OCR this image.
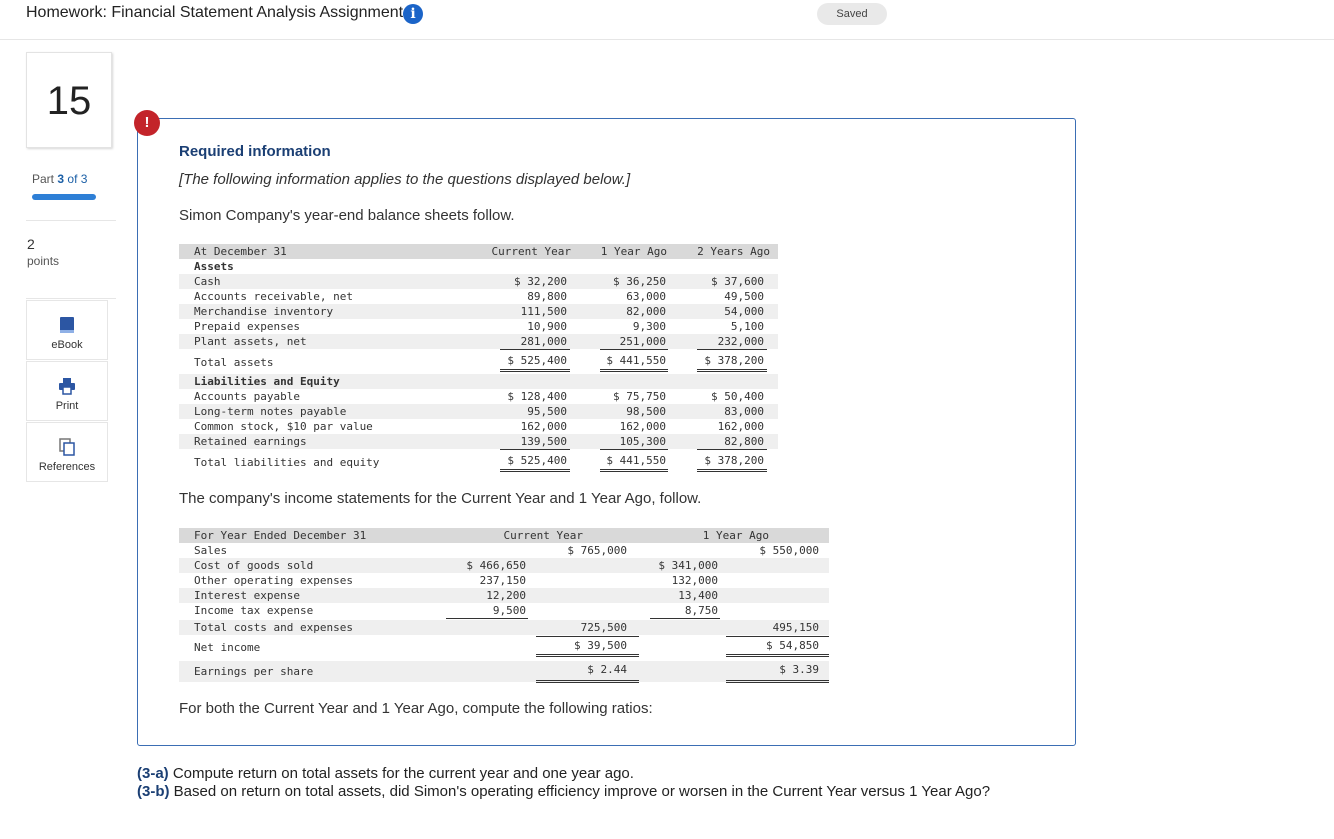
Homework: Financial Statement Analysis Assignment i	Saved
15
Part 3 of 3
2
points
eBook
Print
References
!
Required information
[The following information applies to the questions displayed below.]
Simon Company's year-end balance sheets follow.
At December 31	Current Year	1 Year Ago	2 Years Ago
Assets
Cash	$ 32,200	$ 36,250	$ 37,600
Accounts receivable, net	89,800	63,000	49,500
Merchandise inventory	111,500	82,000	54,000
Prepaid expenses	10,900	9,300	5,100
Plant assets, net	281,000	251,000	232,000
Total assets	$ 525,400	$ 441,550	$ 378,200
Liabilities and Equity
Accounts payable	$ 128,400	$ 75,750	$ 50,400
Long-term notes payable	95,500	98,500	83,000
Common stock, $10 par value	162,000	162,000	162,000
Retained earnings	139,500	105,300	82,800
Total liabilities and equity	$ 525,400	$ 441,550	$ 378,200
The company's income statements for the Current Year and 1 Year Ago, follow.
For Year Ended December 31	Current Year	1 Year Ago
Sales	$ 765,000	$ 550,000
Cost of goods sold	$ 466,650	$ 341,000
Other operating expenses	237,150	132,000
Interest expense	12,200	13,400
Income tax expense	9,500	8,750
Total costs and expenses	725,500	495,150
Net income	$ 39,500	$ 54,850
Earnings per share	$ 2.44	$ 3.39
For both the Current Year and 1 Year Ago, compute the following ratios:
(3-a) Compute return on total assets for the current year and one year ago.
(3-b) Based on return on total assets, did Simon's operating efficiency improve or worsen in the Current Year versus 1 Year Ago?
